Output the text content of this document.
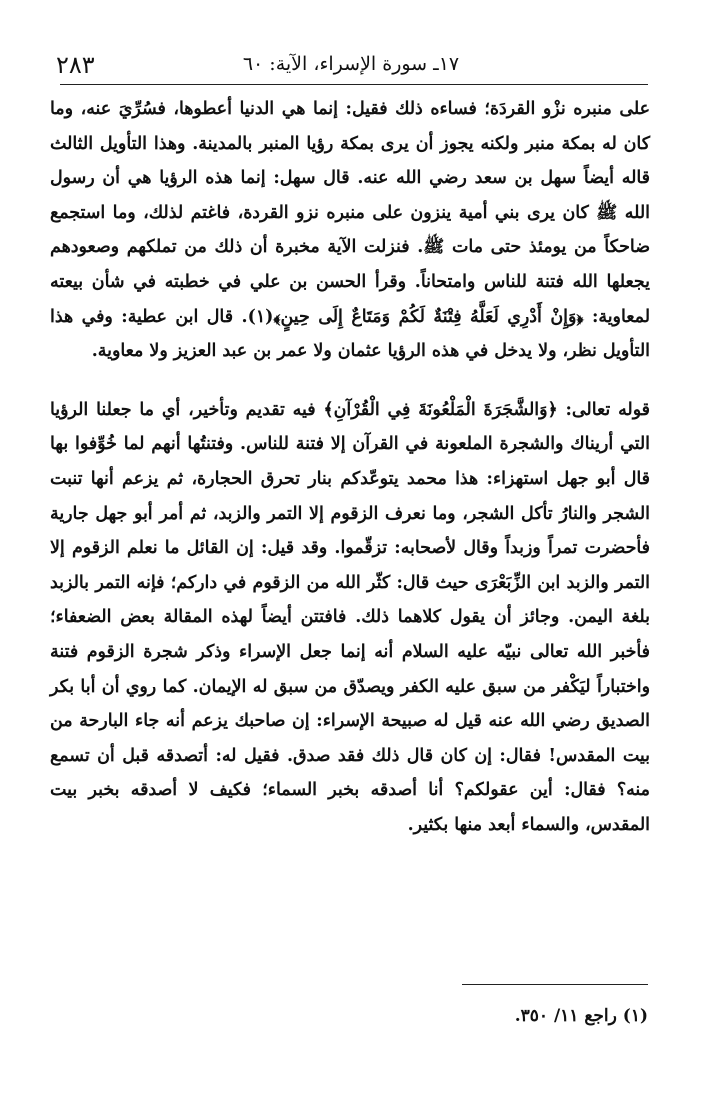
١٧ـ سورة الإسراء، الآية: ٦٠
٢٨٣

على منبره نزْو القردَة؛ فساءه ذلك فقيل: إنما هي الدنيا أعطوها، فسُرِّيَ عنه، وما كان له بمكة منبر ولكنه يجوز أن يرى بمكة رؤيا المنبر بالمدينة. وهذا التأويل الثالث قاله أيضاً سهل بن سعد رضي الله عنه. قال سهل: إنما هذه الرؤيا هي أن رسول الله ﷺ كان يرى بني أمية ينزون على منبره نزو القردة، فاغتم لذلك، وما استجمع ضاحكاً من يومئذ حتى مات ﷺ. فنزلت الآية مخبرة أن ذلك من تملكهم وصعودهم يجعلها الله فتنة للناس وامتحاناً. وقرأ الحسن بن علي في خطبته في شأن بيعته لمعاوية: ﴿وَإِنْ أَدْرِي لَعَلَّهُ فِتْنَةٌ لَكُمْ وَمَتَاعٌ إِلَى حِينٍ﴾(١). قال ابن عطية: وفي هذا التأويل نظر، ولا يدخل في هذه الرؤيا عثمان ولا عمر بن عبد العزيز ولا معاوية.

قوله تعالى: ﴿وَالشَّجَرَةَ الْمَلْعُونَةَ فِي الْقُرْآنِ﴾ فيه تقديم وتأخير، أي ما جعلنا الرؤيا التي أريناك والشجرة الملعونة في القرآن إلا فتنة للناس. وفتنتُها أنهم لما خُوِّفوا بها قال أبو جهل استهزاء: هذا محمد يتوعّدكم بنار تحرق الحجارة، ثم يزعم أنها تنبت الشجر والنارُ تأكل الشجر، وما نعرف الزقوم إلا التمر والزبد، ثم أمر أبو جهل جارية فأحضرت تمراً وزبداً وقال لأصحابه: تزقّموا. وقد قيل: إن القائل ما نعلم الزقوم إلا التمر والزبد ابن الزِّبَعْرَى حيث قال: كثّر الله من الزقوم في داركم؛ فإنه التمر بالزبد بلغة اليمن. وجائز أن يقول كلاهما ذلك. فافتتن أيضاً لهذه المقالة بعض الضعفاء؛ فأخبر الله تعالى نبيّه عليه السلام أنه إنما جعل الإسراء وذكر شجرة الزقوم فتنة واختباراً ليَكْفر من سبق عليه الكفر ويصدّق من سبق له الإيمان. كما روي أن أبا بكر الصديق رضي الله عنه قيل له صبيحة الإسراء: إن صاحبك يزعم أنه جاء البارحة من بيت المقدس! فقال: إن كان قال ذلك فقد صدق. فقيل له: أتصدقه قبل أن تسمع منه؟ فقال: أين عقولكم؟ أنا أصدقه بخبر السماء؛ فكيف لا أصدقه بخبر بيت المقدس، والسماء أبعد منها بكثير.

(١) راجع ١١/ ٣٥٠.
